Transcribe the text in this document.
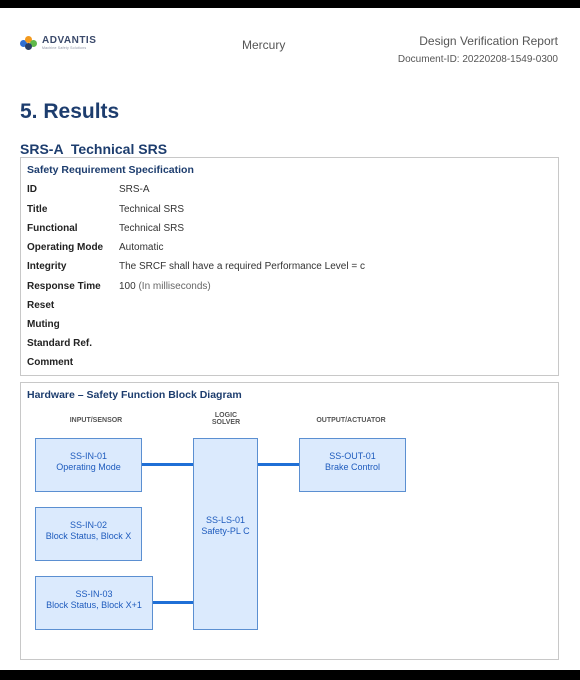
ADVANTIS
Machine Safety Solutions	Mercury	Design Verification Report
Document-ID: 20220208-1549-0300
5. Results
SRS-A  Technical SRS
Safety Requirement Specification
ID	SRS-A
Title	Technical SRS
Functional	Technical SRS
Operating Mode	Automatic
Integrity	The SRCF shall have a required Performance Level = c
Response Time	100 (In milliseconds)
Reset
Muting
Standard Ref.
Comment
Hardware – Safety Function Block Diagram
INPUT/SENSOR
LOGIC
SOLVER	OUTPUT/ACTUATOR
SS-IN-01
Operating Mode
SS-IN-02
Block Status, Block X
SS-IN-03
Block Status, Block X+1
SS-LS-01
Safety-PL C
SS-OUT-01
Brake Control
